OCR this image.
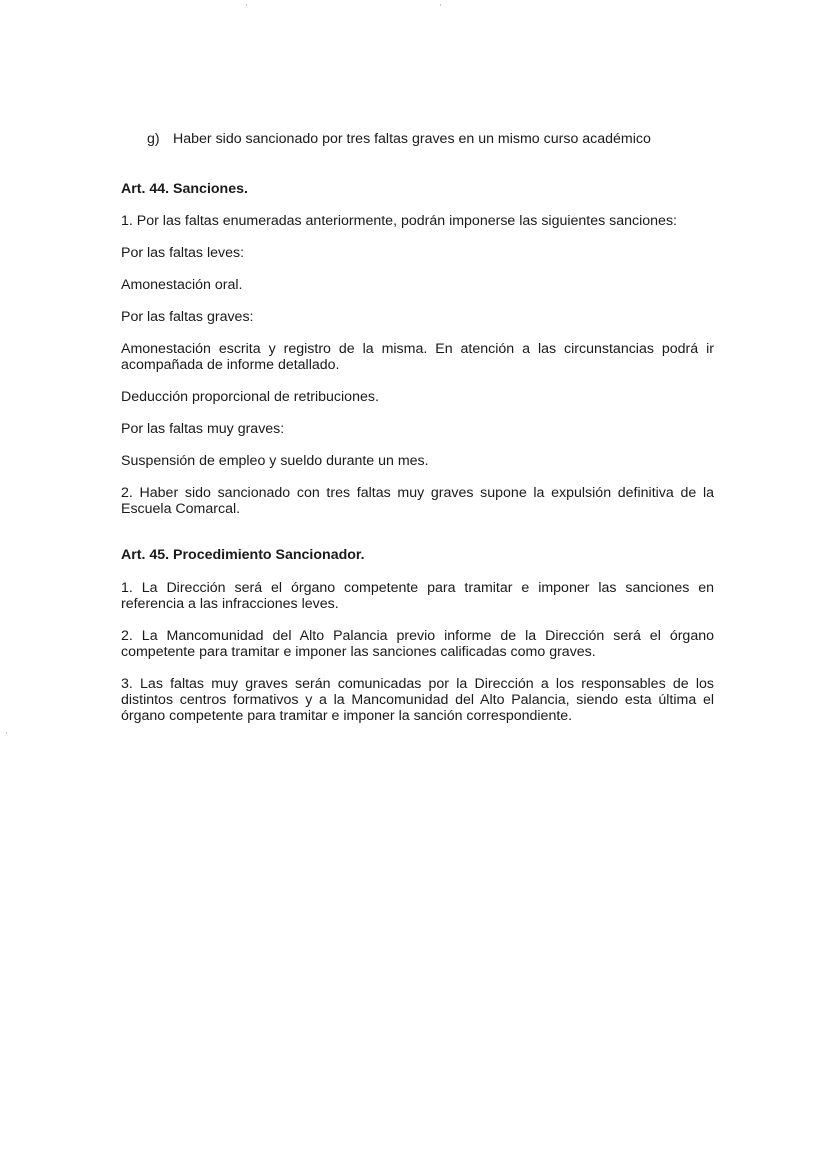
g) Haber sido sancionado por tres faltas graves en un mismo curso académico

Art. 44. Sanciones.

1. Por las faltas enumeradas anteriormente, podrán imponerse las siguientes sanciones:

Por las faltas leves:

Amonestación oral.

Por las faltas graves:

Amonestación escrita y registro de la misma. En atención a las circunstancias podrá ir acompañada de informe detallado.

Deducción proporcional de retribuciones.

Por las faltas muy graves:

Suspensión de empleo y sueldo durante un mes.

2. Haber sido sancionado con tres faltas muy graves supone la expulsión definitiva de la Escuela Comarcal.

Art. 45. Procedimiento Sancionador.

1. La Dirección será el órgano competente para tramitar e imponer las sanciones en referencia a las infracciones leves.

2. La Mancomunidad del Alto Palancia previo informe de la Dirección será el órgano competente para tramitar e imponer las sanciones calificadas como graves.

3. Las faltas muy graves serán comunicadas por la Dirección a los responsables de los distintos centros formativos y a la Mancomunidad del Alto Palancia, siendo esta última el órgano competente para tramitar e imponer la sanción correspondiente.
